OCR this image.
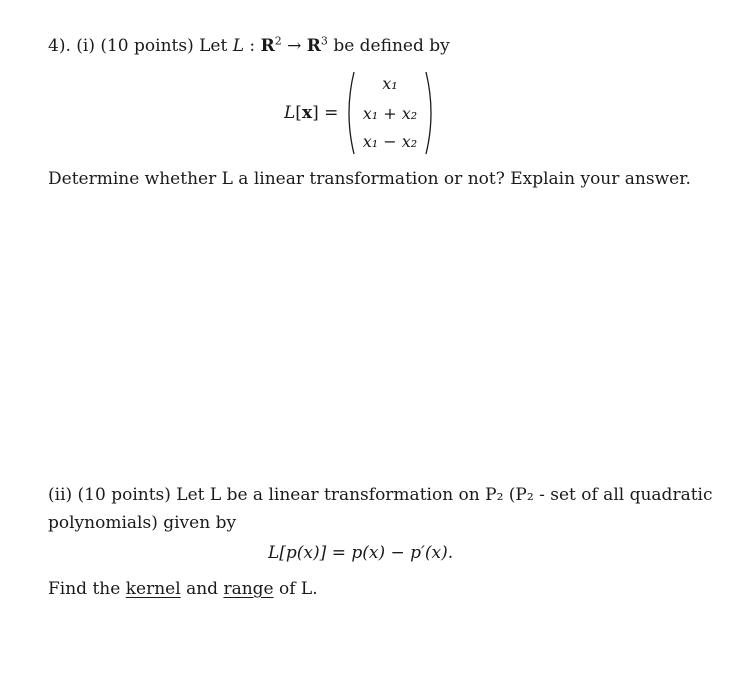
4). (i) (10 points) Let L : $R^2 \to R^3$ be defined by
L[x] =
x₁
x₁ + x₂
x₁ − x₂
Determine whether L a linear transformation or not? Explain your answer.
(ii) (10 points) Let L be a linear transformation on P₂ (P₂ - set of all quadratic
polynomials) given by
L[p(x)] = p(x) − p′(x).
Find the kernel and range of L.
